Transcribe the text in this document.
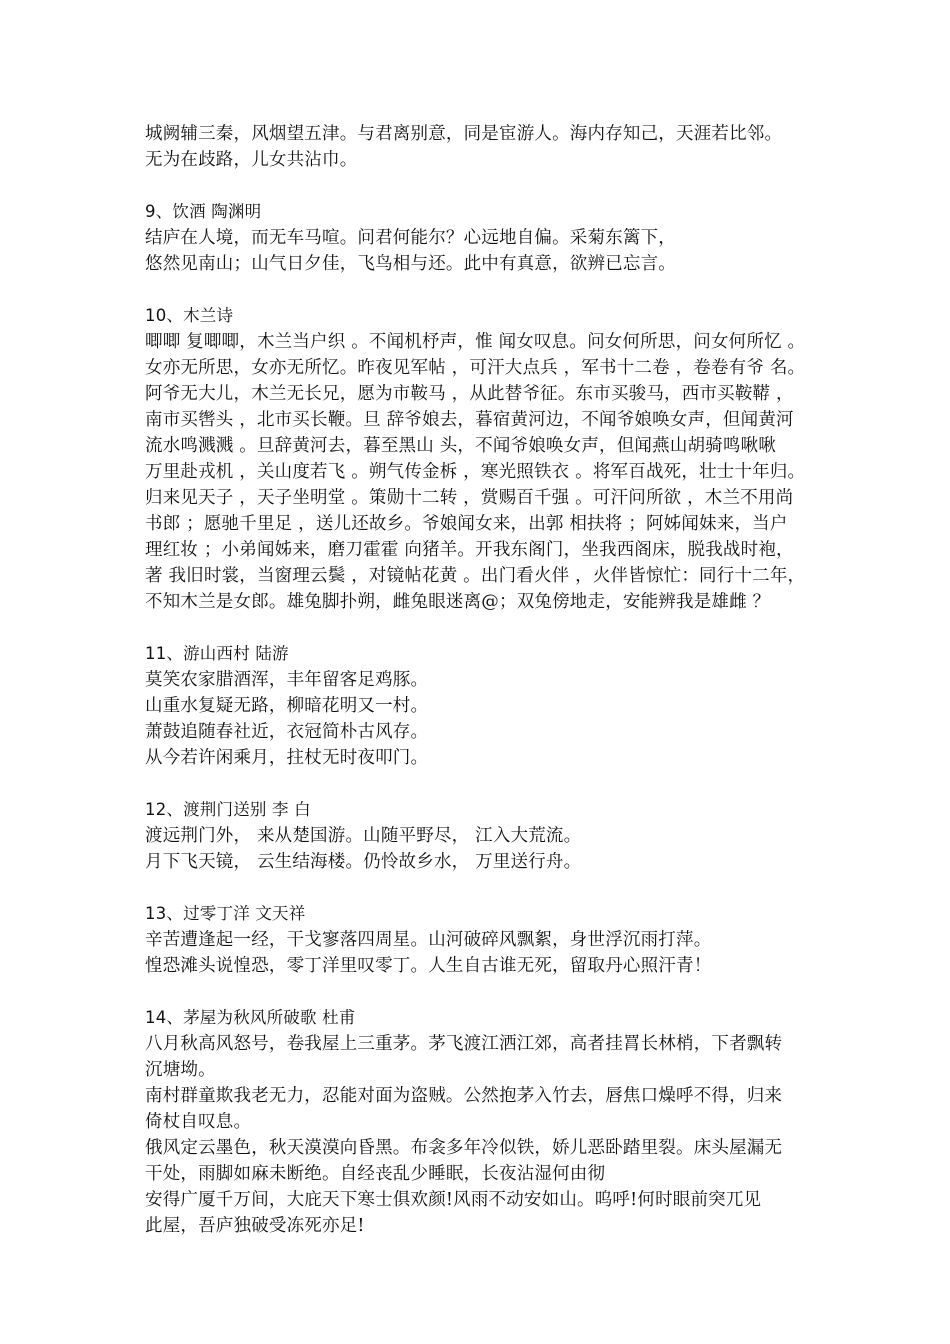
城阙辅三秦，风烟望五津。与君离别意，同是宦游人。海内存知己，天涯若比邻。
无为在歧路，儿女共沾巾。
9、饮酒 陶渊明
结庐在人境，而无车马喧。问君何能尔？心远地自偏。采菊东篱下，
悠然见南山；山气日夕佳，飞鸟相与还。此中有真意，欲辨已忘言。
10、木兰诗
唧唧 复唧唧，木兰当户织 。不闻机杼声，惟 闻女叹息。问女何所思，问女何所忆 。
女亦无所思，女亦无所忆。昨夜见军帖 ，可汗大点兵 ，军书十二卷 ，卷卷有爷 名。
阿爷无大儿，木兰无长兄，愿为市鞍马 ，从此替爷征。东市买骏马，西市买鞍鞯 ，
南市买辔头 ，北市买长鞭。旦 辞爷娘去，暮宿黄河边，不闻爷娘唤女声，但闻黄河
流水鸣溅溅 。旦辞黄河去，暮至黑山 头，不闻爷娘唤女声，但闻燕山胡骑鸣啾啾
万里赴戎机 ，关山度若飞 。朔气传金柝 ，寒光照铁衣 。将军百战死，壮士十年归。
归来见天子 ，天子坐明堂 。策勋十二转 ，赏赐百千强 。可汗问所欲 ，木兰不用尚
书郎 ；愿驰千里足 ，送儿还故乡。爷娘闻女来，出郭 相扶将 ；阿姊闻妹来，当户
理红妆 ；小弟闻姊来，磨刀霍霍 向猪羊。开我东阁门，坐我西阁床，脱我战时袍，
著 我旧时裳，当窗理云鬓 ，对镜帖花黄 。出门看火伴 ，火伴皆惊忙：同行十二年，
不知木兰是女郎。雄兔脚扑朔，雌兔眼迷离@；双兔傍地走，安能辨我是雄雌 ？
11、游山西村 陆游
莫笑农家腊酒浑，丰年留客足鸡豚。
山重水复疑无路，柳暗花明又一村。
萧鼓追随春社近，衣冠简朴古风存。
从今若许闲乘月，拄杖无时夜叩门。
12、渡荆门送别 李 白
渡远荆门外， 来从楚国游。山随平野尽， 江入大荒流。
月下飞天镜， 云生结海楼。仍怜故乡水， 万里送行舟。
13、过零丁洋 文天祥
辛苦遭逢起一经，干戈寥落四周星。山河破碎风飘絮，身世浮沉雨打萍。
惶恐滩头说惶恐，零丁洋里叹零丁。人生自古谁无死，留取丹心照汗青！
14、茅屋为秋风所破歌 杜甫
八月秋高风怒号，卷我屋上三重茅。茅飞渡江洒江郊，高者挂罥长林梢，下者飘转
沉塘坳。
南村群童欺我老无力，忍能对面为盗贼。公然抱茅入竹去，唇焦口燥呼不得，归来
倚杖自叹息。
俄风定云墨色，秋天漠漠向昏黑。布衾多年冷似铁，娇儿恶卧踏里裂。床头屋漏无
干处，雨脚如麻未断绝。自经丧乱少睡眠，长夜沾湿何由彻
安得广厦千万间，大庇天下寒士俱欢颜!风雨不动安如山。呜呼!何时眼前突兀见
此屋，吾庐独破受冻死亦足!
